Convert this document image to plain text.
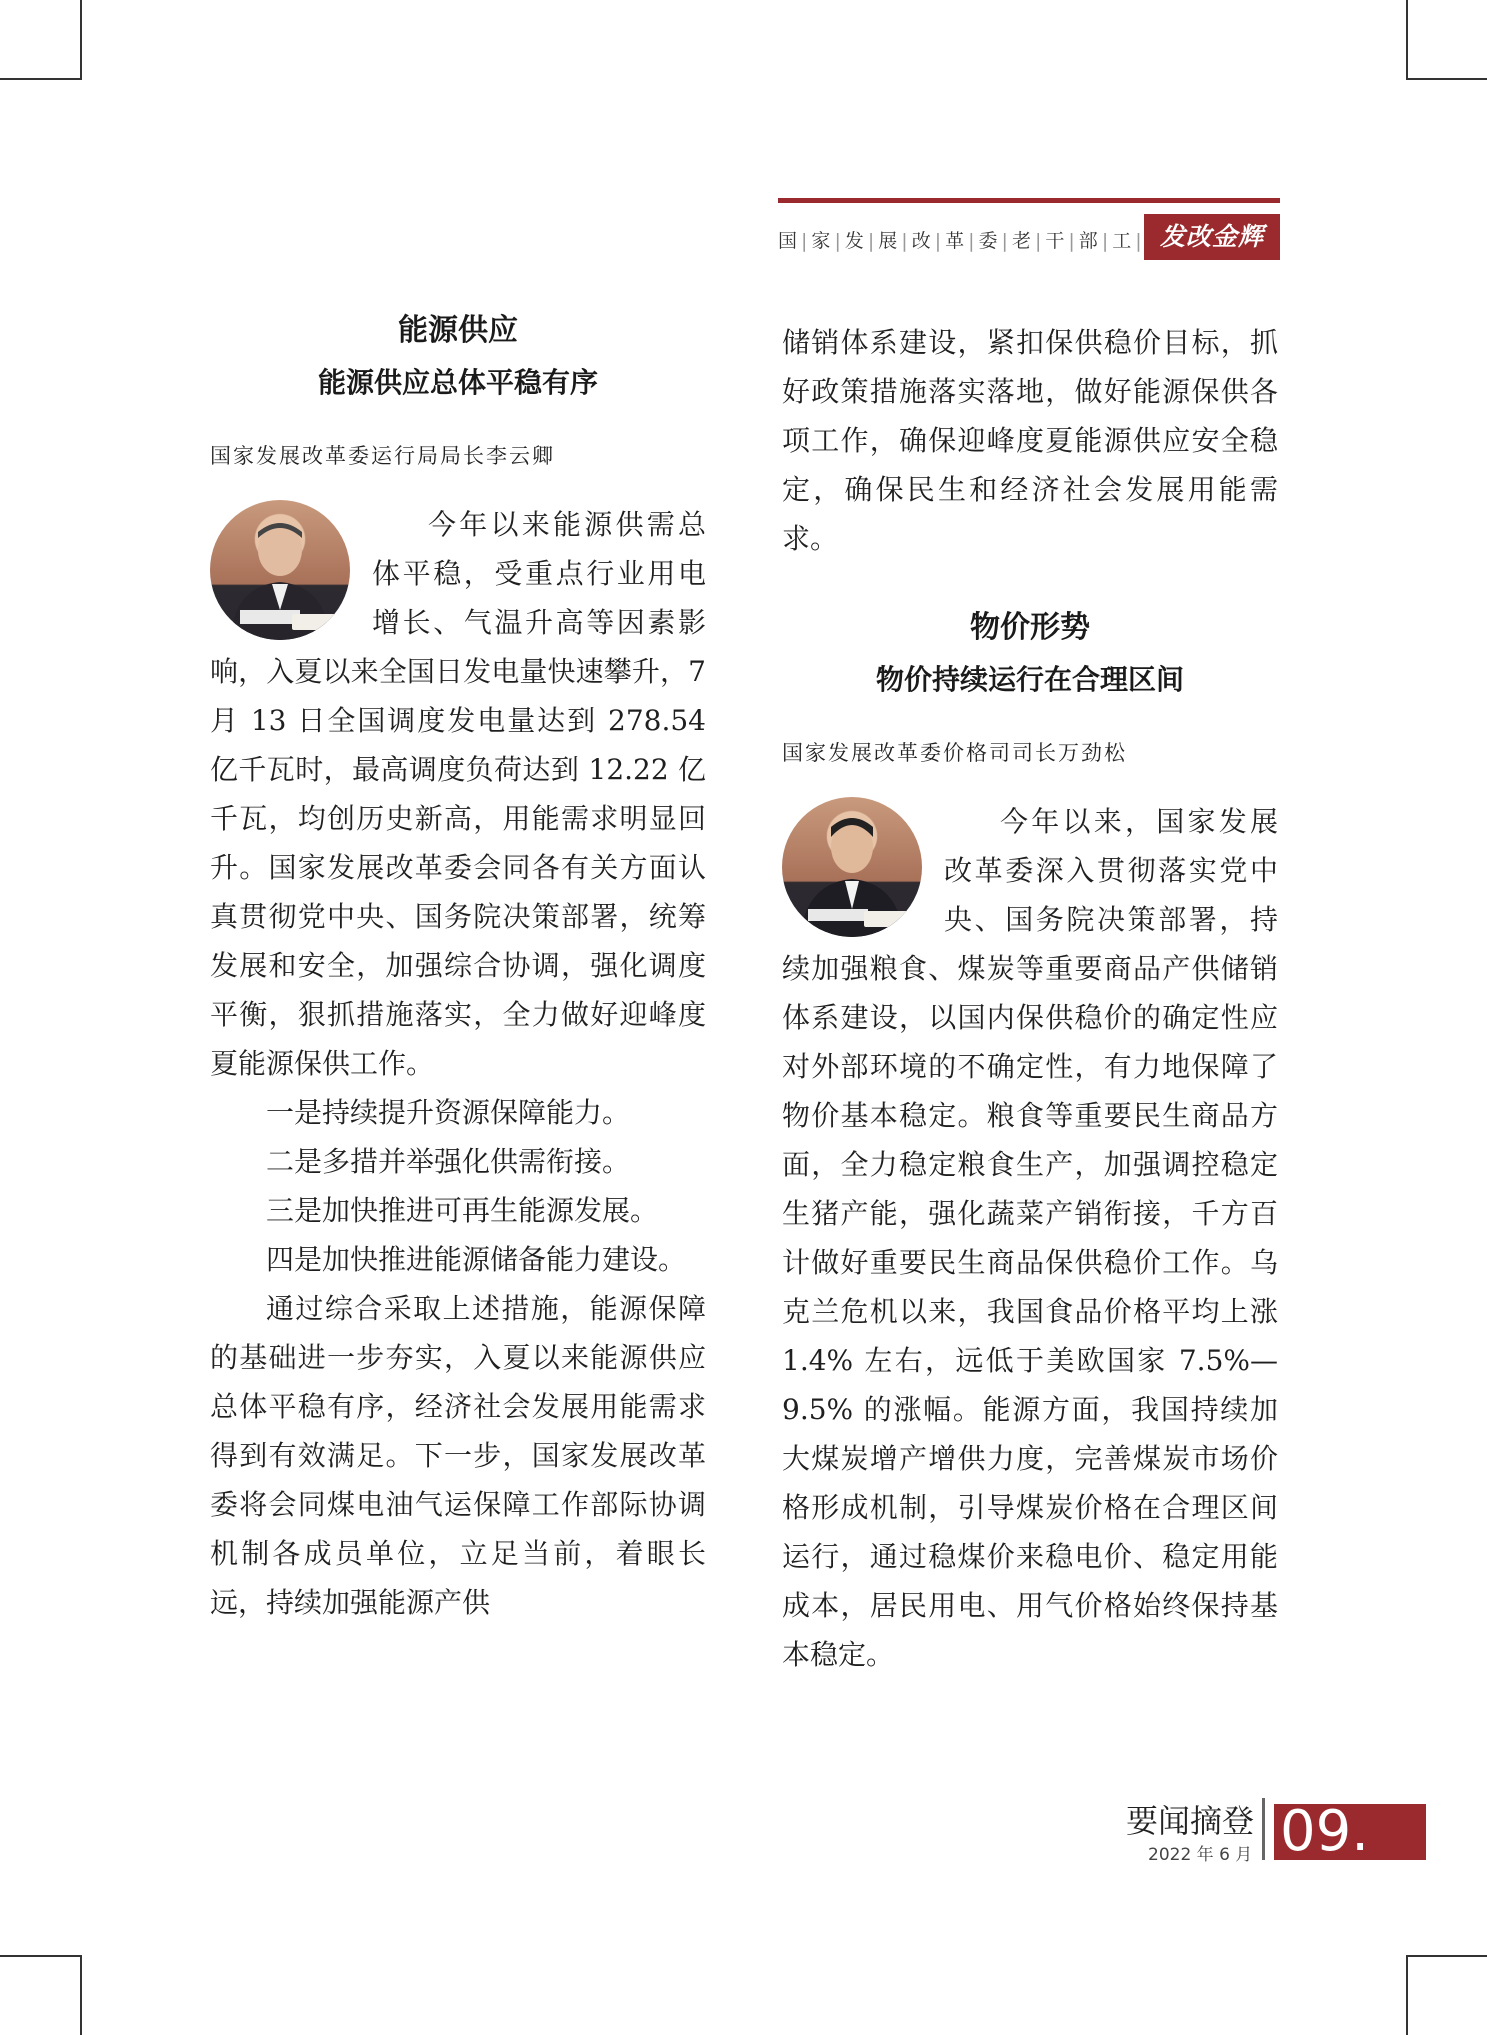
国 | 家 | 发 | 展 | 改 | 革 | 委 | 老 | 干 | 部 | 工 | 发改金辉
能源供应
能源供应总体平稳有序

国家发展改革委运行局局长李云卿

今年以来能源供需总体平稳，受重点行业用电增长、气温升高等因素影响，入夏以来全国日发电量快速攀升，7 月 13 日全国调度发电量达到 278.54 亿千瓦时，最高调度负荷达到 12.22 亿千瓦，均创历史新高，用能需求明显回升。国家发展改革委会同各有关方面认真贯彻党中央、国务院决策部署，统筹发展和安全，加强综合协调，强化调度平衡，狠抓措施落实，全力做好迎峰度夏能源保供工作。

一是持续提升资源保障能力。

二是多措并举强化供需衔接。

三是加快推进可再生能源发展。

四是加快推进能源储备能力建设。

通过综合采取上述措施，能源保障的基础进一步夯实，入夏以来能源供应总体平稳有序，经济社会发展用能需求得到有效满足。下一步，国家发展改革委将会同煤电油气运保障工作部际协调机制各成员单位，立足当前，着眼长远，持续加强能源产供

储销体系建设，紧扣保供稳价目标，抓好政策措施落实落地，做好能源保供各项工作，确保迎峰度夏能源供应安全稳定，确保民生和经济社会发展用能需求。

物价形势
物价持续运行在合理区间

国家发展改革委价格司司长万劲松

今年以来，国家发展改革委深入贯彻落实党中央、国务院决策部署，持续加强粮食、煤炭等重要商品产供储销体系建设，以国内保供稳价的确定性应对外部环境的不确定性，有力地保障了物价基本稳定。粮食等重要民生商品方面，全力稳定粮食生产，加强调控稳定生猪产能，强化蔬菜产销衔接，千方百计做好重要民生商品保供稳价工作。乌克兰危机以来，我国食品价格平均上涨 1.4% 左右，远低于美欧国家 7.5%—9.5% 的涨幅。能源方面，我国持续加大煤炭增产增供力度，完善煤炭市场价格形成机制，引导煤炭价格在合理区间运行，通过稳煤价来稳电价、稳定用能成本，居民用电、用气价格始终保持基本稳定。

要闻摘登
2022 年 6 月 09.
